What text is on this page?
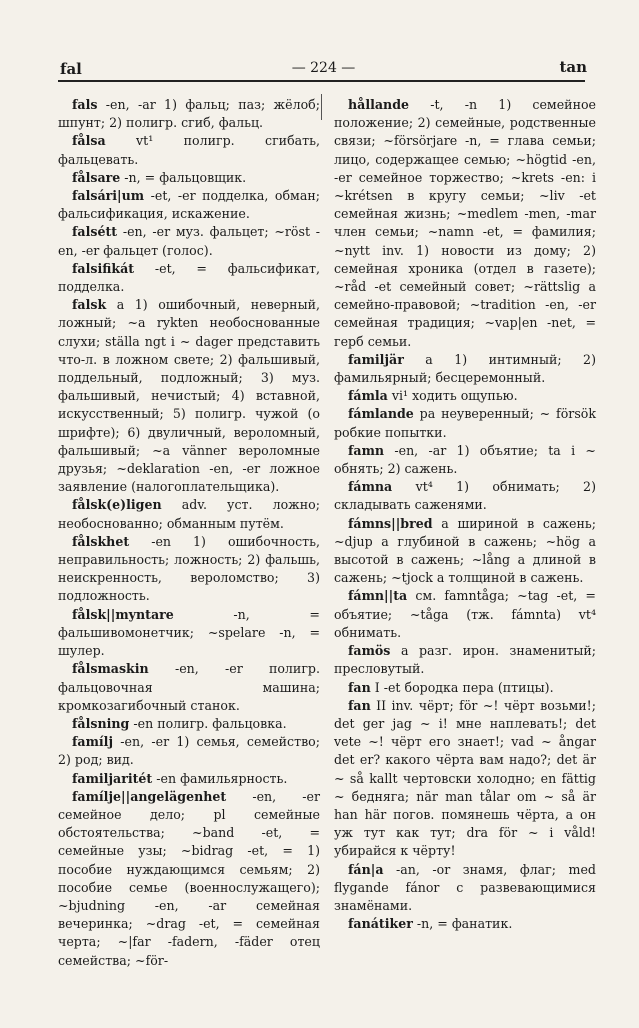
fal	— 224 —	tan
fals -en, -ar 1) фальц; паз; жёлоб; шпунт; 2) полигр. сгиб, фальц.
fålsa vt¹ полигр. сгибать, фальцевать.
fålsare -n, = фальцовщик.
falsári|um -et, -er подделка, обман; фальсификация, искажение.
falsétt -en, -er муз. фальцет; ~röst -en, -er фальцет (голос).
falsifikát -et, = фальсификат, подделка.
falsk a 1) ошибочный, неверный, ложный; ~a rykten необоснованные слухи; ställa ngt i ~ dager представить что-л. в ложном свете; 2) фальшивый, поддельный, подложный; 3) муз. фальшивый, нечистый; 4) вставной, искусственный; 5) полигр. чужой (о шрифте); 6) двуличный, вероломный, фальшивый; ~a vänner вероломные друзья; ~deklaration -en, -er ложное заявление (налогоплательщика).
fålsk(e)ligen adv. уст. ложно; необоснованно; обманным путём.
fålskhet -en 1) ошибочность, неправильность; ложность; 2) фальшь, неискренность, вероломство; 3) подложность.
fålsk||myntare	-n, = фальшивомонетчик; ~spelare -n, = шулер.
fålsmaskin -en, -er полигр. фальцовочная машина; кромкозагибочный станок.
fålsning -en полигр. фальцовка.
famílj -en, -er 1) семья, семейство; 2) род; вид.
familjaritét -en фамильярность.
famílje||angelägenhet -en, -er семейное дело; pl семейные обстоятельства; ~band -et, = семейные узы; ~bidrag -et, = 1) пособие нуждающимся семьям; 2) пособие семье (военнослужащего); ~bjudning -en, -ar семейная вечеринка; ~drag -et, = семейная черта; ~|far -fadern, -fäder отец семейства; ~för-
hållande -t, -n 1) семейное положение; 2) семейные, родственные связи; ~försörjare -n, = глава семьи; лицо, содержащее семью; ~högtid -en, -er семейное торжество; ~krets -en: i ~krétsen в кругу семьи; ~liv -et семейная жизнь; ~medlem -men, -mar член семьи; ~namn -et, = фамилия; ~nytt inv. 1) новости из дому; 2) семейная хроника (отдел в газете); ~råd -et семейный совет; ~rättslig a семейно-правовой; ~tradition -en, -er семейная традиция; ~vap|en -net, = герб семьи.
familjär a 1) интимный; 2) фамильярный; бесцеремонный.
fámla vi¹ ходить ощупью.
fámlande pa неуверенный; ~ försök робкие попытки.
famn -en, -ar 1) объятие; ta i ~ обнять; 2) сажень.
fámna vt⁴ 1) обнимать; 2) складывать саженями.
fámns||bred a шириной в сажень; ~djup a глубиной в сажень; ~hög a высотой в сажень; ~lång a длиной в сажень; ~tjock a толщиной в сажень.
fámn||ta см. famntåga; ~tag -et, = объятие; ~tåga (тж. fámnta) vt⁴ обнимать.
famös a разг. ирон. знаменитый; пресловутый.
fan I -et бородка пера (птицы).
fan II inv. чёрт; för ~! чёрт возьми!; det ger jag ~ i! мне наплевать!; det vete ~! чёрт его знает!; vad ~ ångar det er? какого чёрта вам надо?; det är ~ så kallt чертовски холодно; en fättig ~ бедняга; när man tålar om ~ så är han här погов. помянешь чёрта, а он уж тут как тут; dra för ~ i våld! убирайся к чёрту!
fán|a -an, -or знамя, флаг; med flygande fánor с развевающимися знамёнами.
fanátiker -n, = фанатик.
